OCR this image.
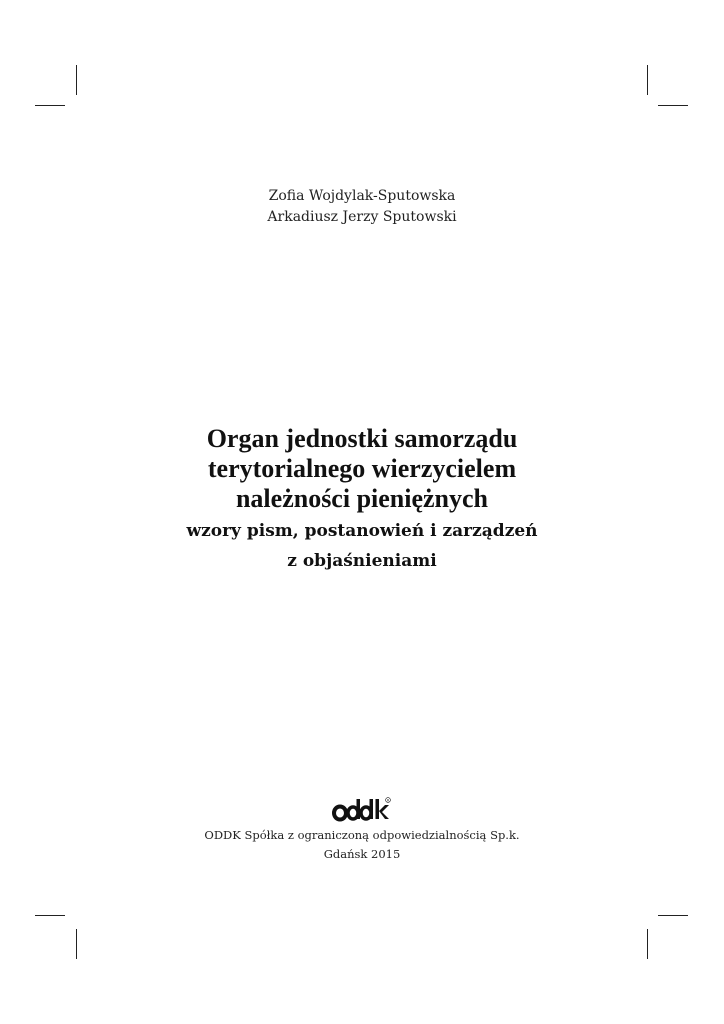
Zofia Wojdylak-Sputowska
Arkadiusz Jerzy Sputowski
Organ jednostki samorządu
terytorialnego wierzycielem
należności pieniężnych
wzory pism, postanowień i zarządzeń
z objaśnieniami
R
ODDK Spółka z ograniczoną odpowiedzialnością Sp.k.
Gdańsk 2015
